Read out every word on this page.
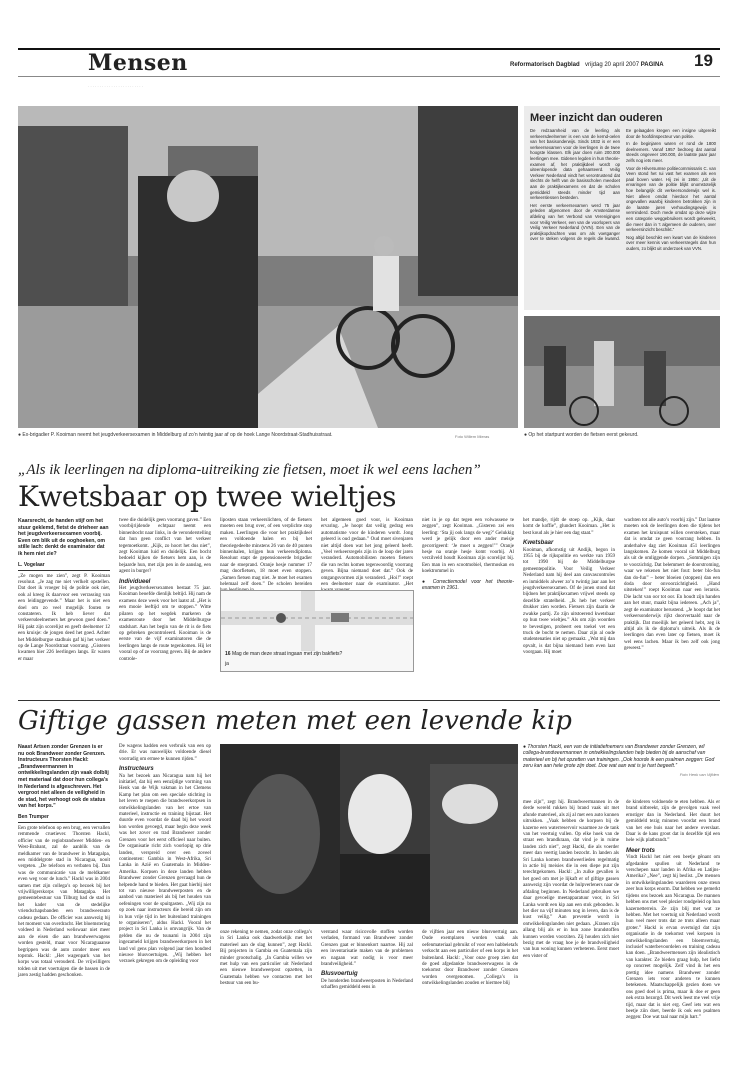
Mensen
························
Reformatorisch Dagblad vrijdag 20 april 2007 PAGINA 19
● Ex-brigadier P. Kooiman neemt het jeugdverkeersexamen in Middelburg af zo’n twintig jaar af op de hoek Lange Noordstraat-Stadhuisstraat.	Foto Willem Mieras
Meer inzicht dan ouderen

De redzaamheid van de leerling als verkeersdeelnemer is een van de kernd-oelen van het basisonderwijs. Sinds 1932 is er een verkeersexamen voor de leerlingen in de twee hoogste klassen. Elk jaar doen ruim 200.000 leerlingen mee. Gidenen legden in hun theorie-examen af, het praktijkdeel wordt op uiteenlopende data gehaanteerd. Veilig Verkeer Nederland vindt het verontrustend dat slechts de helft van de basisscholen meedoet aan de praktijkexamens en dat de scholen gemiddeld steeds minder tijd aan verkeerslessen besteden.

Het eerste verkeersexamen werd 75 jaar geleden afgenomen door de Amsterdamse afdeling van het Verbond van Verenigingen voor Veilig Verkeer, een van de voorlopers van Veilig Verkeer Nederland (VVN). Een van de praktijkopdrachten was om als voetganger over te steken volgens de regels die kwamd. Ee gelaagden kregen een insigne uitgereikt door de hoofdinspecteur van politie.

In de beginjaren waren er rond de 1800 deelnemers. Vanaf 1957 bedroeg dat aantal steeds ongeveer 190.000, de laatste paar jaar zelfs nog iets meer.

Voor de Hilversumse politiecommissaris C. van Veen stond het rui vast het examen als een paal boven water. Hij zei in 1956: „Uit de ervaringen van de politie blijkt onomstotelijk hoe belangrijk dit verkeersonderwijs wel is. Niet alleen omdat hierdoor het aantal ongevallen waarbij kinderen betrokken zijn in de laatste jaren verhoudingsgewijs is verminderd. Doch mede omdat op deze wijze een categorie weggebruikers wordt gekweekt, die meer dan in ‘t algemeen de ouderen, over verkeersinzicht beschikt.”

Nog altijd beschikt een kwart van de kinderen over meer kennis van verkeersregels dan hun ouders, zo blijkt uit onderzoek van VVN.

● Op het startpunt worden de fietsen eerst gekeurd.
„Als ik leerlingen na diploma-uitreiking zie fietsen, moet ik wel eens lachen”
Kwetsbaar op twee wieltjes
Kaarsrecht, de handen stijf om het stuur geklemd, fietst de drieheer aan het jeugdverkeersexamen voorbij. Even om blik uit de ooghoeken, om stille lach: denkt de examinator dat ik hem niet zie?
L. Vogelaar
„Ze mogen me zien”, zegt P. Kooiman resoluut. „Je zag me niet verlkelt opstellen. Dat doet ik vroeger bij de politie ook niet, ook al kreeg ik daarvoor een verrassing van een leidinggevende.” Maar het is niet een doel om zo veel mogelijk fouten te constateren. Ik heb liever dat verkeersdeelnemers het gewoon goed doen.” Hij pakt zijn scorelijst en geeft deelnemer 12 een kruisje: de jongen deed het goed. Achter het Middelburgse stadhuis gaf hij het verkeer op de Lange Noordstraat voorrang. „Gisteren kwamen hier 226 leerlingen langs. Er waren er maar

twee die duidelijk geen voorrang gaven.” Een voorbijrijdende echtpaar neemt een binnenbocht naar links, in de veronderstelling dat hun geen conflict van het verkeer tegemoetkomt. „Kijk, zo hoort het dus niet”, zegt Kooiman luid en duidelijk. Een bocht bedoeld kijken de fietsers hem aan, is de bejaarde hun, met zijn pen in de aanslag, een agent in burger?

Individueel

Het jeugdverkeersexamen bestaat 75 jaar. Kooiman beoefde dienlijk beltijd. Hij nam de examens deze week voor het laatst af. „Het is een mooie leeftijd om te stoppen.” Witte pilaren op het wegdek markeren de examenroute door het Middelburgse stadshart. Aan het begin van de rit is de fiets op gebreken gecontroleerd. Kooiman is de eerste van de vijf examinatoren die de leerlingen langs de route tegenkomen. Hij let vooral op of ze voorrang geven. Bij de andere controle-

liposten staan verkeerslichten, of de fietsers moeten een brug over, of een verplichte stop maken. Leerlingen die voor het praktijkdeel een voldoende halen en bij het theoriegedeelte minstens 26 van de 40 punten binnenhalen, krijgen hun verkeersdiploma. Resoluut stapt de gepensioneerde brigadier naar de stoeprand. Oranje hesje nummer 17 mag doorfietsen, 18 moet even stoppen. „Samen fietsen mag niet. Je moet het examen helemaal zelf doen.” De scholen bereiden

het algemeen goed voor, is Kooiman ervaring. „Je hoopt dat veilig gedrag een automatisme voor de kinderen wordt. Jong geleerd is oud gedaan.” Oud moet sivenjaren niet altijd doen wat het jong geleerd heeft. „Veel verkeersregels zijn in de loop der jaren veranderd. Automobilisten moeten fietsers die van rechts komen tegenwoordig voorrang geven. Bijna niemand doet dat.” Ook de omgangsvormen zijn veranderd. „Hoi!” roept een deelnemer naar de examinator. „Het

niet in je op dat tegen een volwassene te zeggen”, zegt Kooiman. „Gisteren zei een leerling: ‘Sta jij ook langs de weg?’ Gelukkig werd je gelijk door een ander meisje gecorrigeerd: ‘Je moet u zeggen!’” Oranje hesje na oranje hesje komt voorbij. Al verzilveld houdt Kooiman zijn scorelijst bij. Een man in een scootmobiel, thermoskan en koektrommel in

● Correctiemodel voor het theorie-examen in 1961.
16 Mag de man deze straat ingaan met zijn bakfiets?
ja

het mandje, rijdt de stoep op. „Kijk, daar komt de koffie”, glundert Kooiman. „Het is best koud als je hier een dag staat.”

Kwetsbaar

Kooiman, afkomstig uit Andijk, begon in 1955 bij de rijkspolitie en werkte van 1959 tot 1990 bij de Middelburgse gemeentepolitie. Voor Veilig Verkeer Nederland nam hij deel aan canvascontroles en inmiddels alweer zo’n twintig jaar aan het jeugdverkeersexamen. Of de jonen stond dat bijdoen het praktijkexamen vrijwel steeds op dezelfde stratelheid. „Ik heb het verkeer drukker zien worden. Fietsers zijn daarin de zwakke partij. Zo zijn uitstoerend kwetsbaar op hun twee wieltjes.” Als om zijn woorden te bevestigen, probeert een toekel vet een truck de bocht te nemen. Daar zijn al oude studentenaties niet op gemaakt. „Wat mij dan opvalt, is dat bijna niemand hem even laat voorgaan. Hij moet

wachten tot alle auto’s voorbij zijn.” Dat laatste moeten ook de leerlingen doen die tijdens het examen het kruispunt willen oversteken, maar dat is omdat ze geen voorrang hebben. In anderhalve dag ziet Kooiman 451 leerlingen langskomen. Ze komen vooral uit Middelburg als uit de omliggende dorpen. „Sommigen zijn te voorzichtig. Dat belemmert de doorstroming, waar we rekenen het niet fout: beter blo-fun dan do-fun” – beter bloeien (stoppen) dan een doda door onvoorzichtigheid. „Hand uitsteken!” roept Kooiman naar een lerarsis. Die lacht van oor tot oor. En houdt zijn handen aan het stuur, maakt bijna iedereen. „Ach ja”, zegt de examinator berustend. „Je hoopt dat het verkeersonderwijs rijkt doorvertaald naar de praktijk. Dat moeilijk het geleerd hebt, zeg ik altijd als ik de diploma’s uitreik. Als ik de leerlingen dan even later op fietsen, moet ik wel eens lachen. Maar ik ben zelf ook jong geweest.”

Giftige gassen meten met een levende kip
Naast Artsen zonder Grenzen is er nu ook Brandweer zonder Grenzen. Instructeurs Thorsten Hackl: „Brandweermannen in ontwikkelingslanden zijn vaak dolblij met materiaal dat door hun collega’s in Nederland is afgeschreven. Het vergroot niet alleen de veiligheid in de stad, het verhoogt ook de status van het korps.”
Ben Trumper
Een grote telefoon op een brug, een vervallen remmende cruetiever. Thorsten Hackl, officier van de regiobrandweer Midden- en West-Brabant, zal de aanblik van de meldkamer van de brandweer in Matagalpa, een middelgrote stad in Nicaragua, nooit vergeten. „De telefoon en verbaten bij. Dan was de communicatie van de meldkamer even weg voor de lunch.” Hackl was in 2004 samen met zijn collega’s op bezoek bij het vrijwilligerskorps van Matagalpa. Het gemeentebestuur van Tilburg had de stad in het kader van de stedelijke vriendschapsbanden een brandweerauto cadeau gedaan. De officier was aanwezig bij het moment van overdracht. Het bloemstering voldeed in Nederland weliswaar niet meer aan de eisen die aan brandweerwagens worden gesteld, maar voor Nicaraguaanse begrippen was de auto zonder meer een topstuk. Hackl: „Het wagenpark van het korps was totaal verouderd. De vrijwilligers tolden uit met voertuigen die de bassen in de jaren zestig hadden geschonken.

De wagens hadden een verbruik van een op drie. Er was nauwelijks voldoende diesel voorradig om ermee te kunnen rijden.”

Instructeurs

Na het bezoek aan Nicaragua nam hij het initiatief, dat hij een eenzijdige vorming van Henk van de Wijk vakman in het Clemens Kamp het plan om een speciale stichting in het leven te roepen die brandweerkorpsen in ontwikkelingslanden van het ertoe van materieel, instructie en training bijstaat. Het duurde even voordat de daad bij het woord kon worden gevoegd, maar begin deze week was het zover en trad Brandweer zonder Grenzen voor het eerst officieel naar buiten. De organisatie richt zich voorlopig op drie landen, verspreid over een zoveel continenten: Gambia in West-Afrika, Sri Lanka in Azië en Guatemala in Midden-Amerika. Korpsen in deze landen hebben Brandweer zonder Grenzen gevraagd hun de helpende hand te bieden. Het gaat hierbij niet tot van nieuwe brandweerposten en de aanbod van materieel als bij het houden van oefeningen voor de spuitgasten. „Wij zijn nu op zoek naar instructeurs die bereid zijn om in hun vrije tijd in het buitenland trainingen te organiseren”, aldus Hackl. Vooral het project in Sri Lanka is omvangrijk. Van de gelden die nu de tsunami in 2004 zijn ingezameld krijgen brandweerkorpsen in het land vol gens plan volgend jaar tien hondred nieuwe blusvoertuigen. „Wij hebben het verzoek gekregen om de opleiding voor

onze rekening te nemen, zodat onze collega’s in Sri Lanka ook daadwerkelijk met het materieel aan de slag kunnen”, zegt Hackl. Bij projecten in Gambia en Guatemala zijn minder grootschalig. „In Gambia willen we met hulp van een particulier uit Nederland een nieuwe brandweerpost opzetten, in Guatemala hebben we contacten met het bestuur van een bu-

verstand waar risicovolle stoffen worden verladen, formand van Brandweer zonder Grenzen gaat er binnenkort naartoe. Hij zal een inventarisatie maken van de problemen en nagaan wat nodig is voor meer brandveiligheid.”

Blusvoertuig

De honderden brandweerposten in Nederland schaffen gemiddeld eens in

de vijftien jaar een nieuw blusvoertuig aan. Oude exemplaren worden vaak als oefenmateriaal gebruikt of voor een habbeletafs verkocht aan een particulier of een korps in het buitenland. Hackl: „Voor onze groep zien dat de goed afgedankte brandweerwagens in de toekomst door Brandweer zonder Grenzen worden overgenomen. „Collega’s in ontwikkelingslanden zouden er hiermee blij

● Thorsten Hackl, een van de initiatiefnemers van Brandweer zonder Grenzen, wil collega-brandweermannen in ontwikkelingslanden help bieden bij de aanschaf van materieel en bij het opzetten van trainingen. „Ook hoorde ik een psalmen zeggen: God zeru kan aan hele grote zijn doet. Doe wat aan wat is je hart begeeft.”
Foto Henk van Vijfden

mee zijn”, zegt hij. Brandweermannen in de derde wereld rukken bij brand vaak uit met afunde materieel, als zij al met een auto kunnen uitrukken. „Vaak hebben de korpsen bij de kazerne een waterreservoir waarmee ze de tank van het voertuig vullen. Op elke hoek van de straat een brandkraan, dat vind je in ruime landen zich niet”, zegt Hackl, die als voerder meer dan veertig landen bezocht. In landen als Sri Lanka komen brandweerlieden regelmatig in actie bij meisies die in een diepe put zijn terechtgekomen. Hackl: „In zulke gevallen is het goed om met je lijkaft er of giftige gassen aanwezig zijn voordat de hulpverleners naar de afdaling beginnen. In Nederland gebruiken we daar gevoelige meetapparatuur voor, in Sri Lanka wordt een kip aan een stok gebonden. Is het dier na vijf minuten nog in leven, dan is de kust veilig.” Aan preventie wordt in ontwikkelingslanden niet gedaan. „Kranen zijn allang blij als er in hun zone brandstoffen kunnen worden voorziten. Zij houden zich niet bezig met de vraag hoe je de brandveiligheid van hun woning kunnen verbeteren. Eerst moet een vister of

de kinderen voldoende te eten hebben. Als er brand uitbreekt, zijn de gevolgen vaak veel ernstiger dan in Nederland. Het duurt het gemiddeld tezig minuten voordat een brand van het ene huis naar het andere overslaat. Daar is de kans groot dat in dezelfde tijd een hele wijk platbrandt.”

Meer trots

Vindt Hackl het niet een beetje gênant om afgedankte spullen uit Nederland te verschepen naar landen in Afrika en Latijns-Amerika? „Nee”, zegt hij beslist. „De mensen in ontwikkelingslanden waarderen onze steun zeer hun korps enorm. Dat hebben we gemerkt tijdens ons bezoek aan Nicaragua. De mannen hebben ons met veel plezier rondgeleid op hun kazernetterrein. Ze zijn blij met wat ze hebben. Met het voertuig uit Nederland wordt hun veel meer trots dat ze trots alleen maar groter.” Hackl is ervan overtuigd dat zijn organisatie in de toekomst veel korpsen in ontwikkelingslanden een bloemvertuig, inclusief waterbevoordelen en training cadeau kan doen. „Brandweermensen zijn idealistisch van karakter. Ze bieden graag hulp, het liefst op concreet mogelijk. Zelf vind ik het een prettig idee namens Brandweer zonder Grenzen iets voor anderen te kunnen betekenen. Maatschappelijk gezien doen we ons goed doel is prima, maar ik doe er geen nek extra bezorgd. Dit werk leest me veel vrije tijd, maar dat is niet erg. Geef iets wat een beetje ziin doet, beerde ik ook een psalmen zeggen: Doe wat taal naar mijn hart.”
